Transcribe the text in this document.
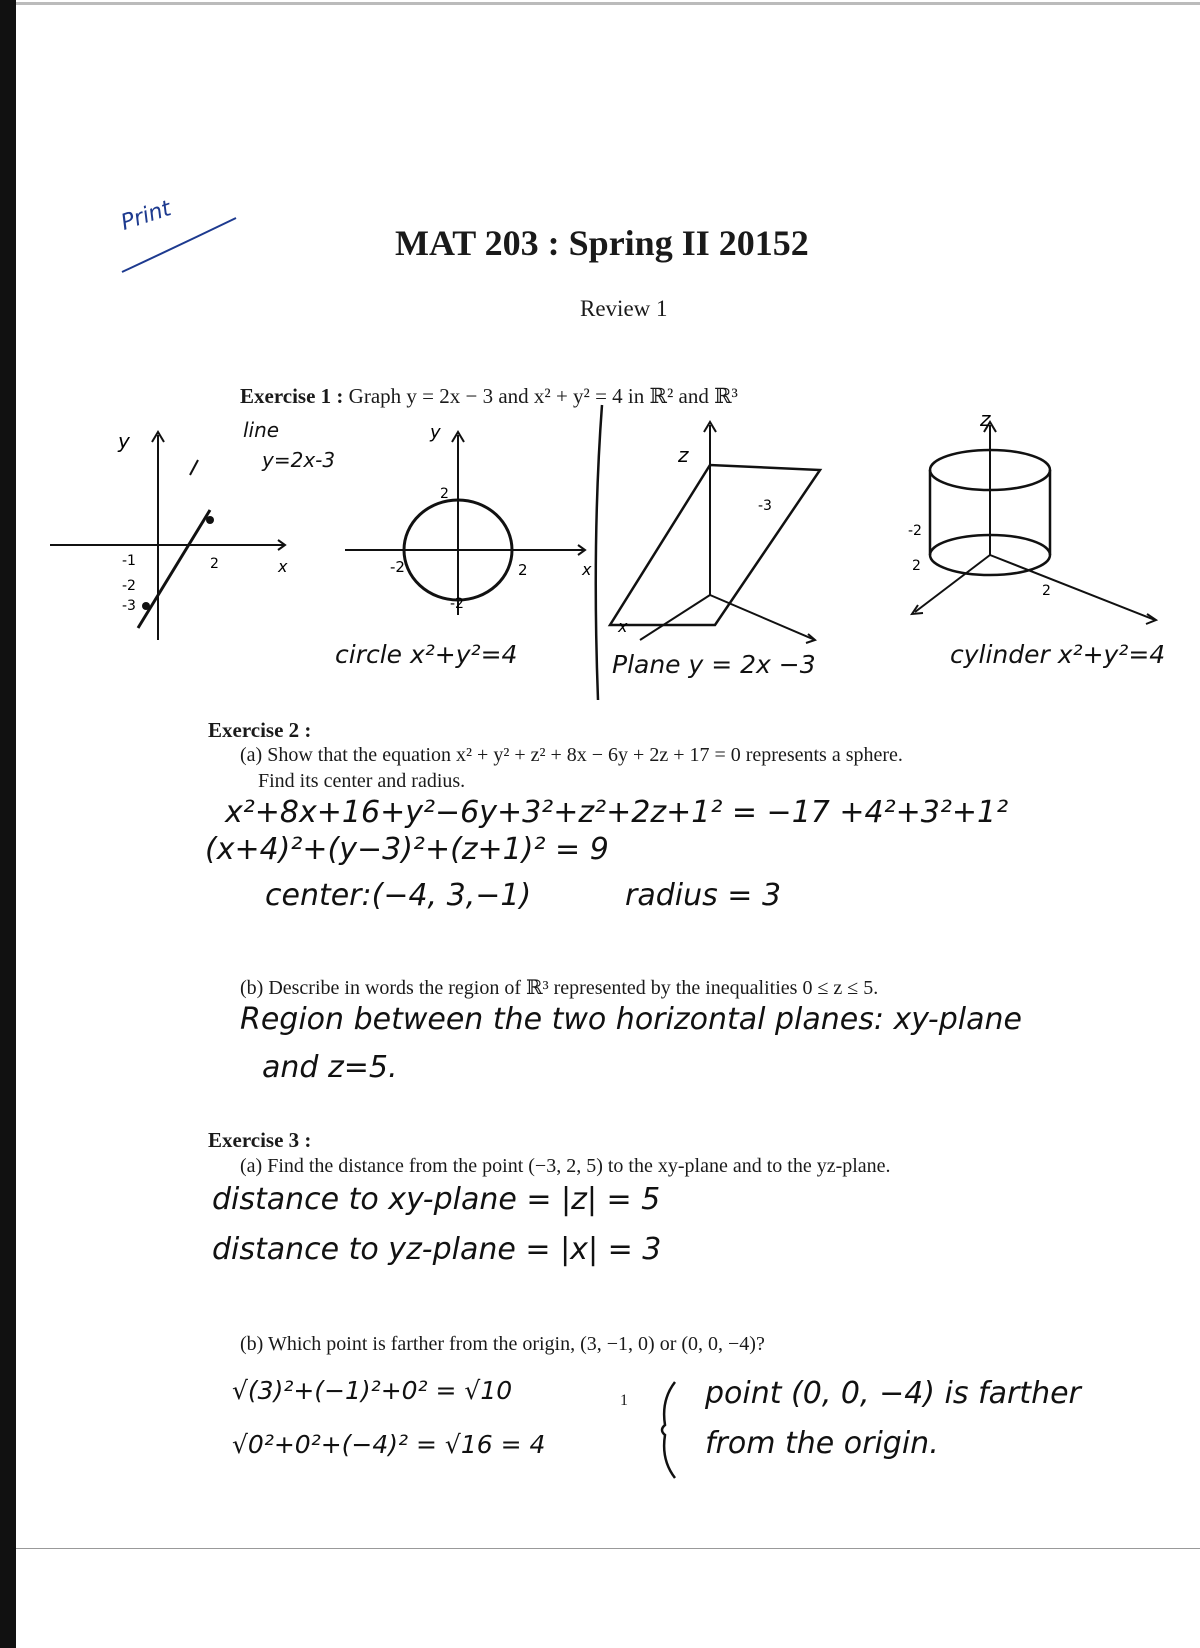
Print
MAT 203 : Spring II 20152
Review 1
Exercise 1 : Graph y = 2x − 3 and x² + y² = 4 in ℝ² and ℝ³
y
x
2
-1
-2
-3
line
y=2x-3
y
x
2
-2	2
-2
circle x²+y²=4
z
x
-3
Plane y = 2x −3
z
-2
2
2
cylinder x²+y²=4
Exercise 2 :
(a) Show that the equation x² + y² + z² + 8x − 6y + 2z + 17 = 0 represents a sphere.
Find its center and radius.
x²+8x+16+y²−6y+3²+z²+2z+1² = −17 +4²+3²+1²
(x+4)²+(y−3)²+(z+1)² = 9
center:(−4, 3,−1)	radius = 3
(b) Describe in words the region of ℝ³ represented by the inequalities 0 ≤ z ≤ 5.
Region between the two horizontal planes: xy-plane
and z=5.
Exercise 3 :
(a) Find the distance from the point (−3, 2, 5) to the xy-plane and to the yz-plane.
distance to xy-plane = |z| = 5
distance to yz-plane = |x| = 3
(b) Which point is farther from the origin, (3, −1, 0) or (0, 0, −4)?
√(3)²+(−1)²+0² = √10
√0²+0²+(−4)² = √16 = 4
point (0, 0, −4) is farther
from the origin.
1
